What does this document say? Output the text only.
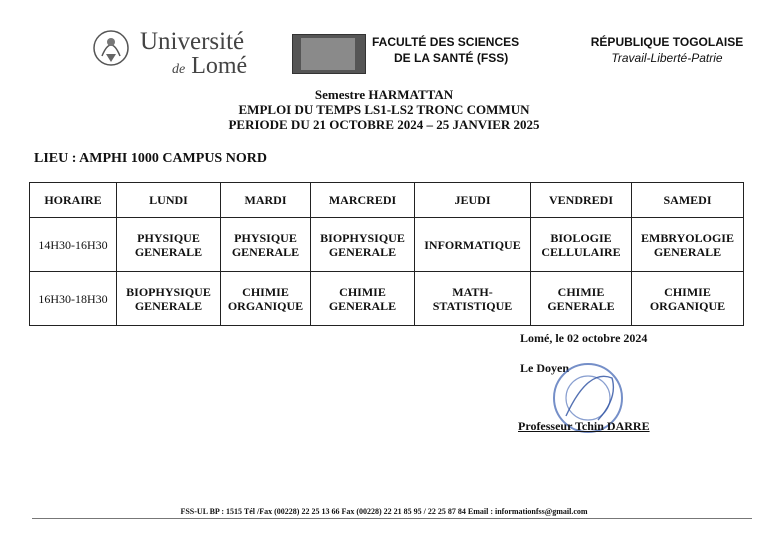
Université
de Lomé
FACULTÉ DES SCIENCES
DE LA SANTÉ (FSS)
RÉPUBLIQUE TOGOLAISE
Travail-Liberté-Patrie
Semestre HARMATTAN
EMPLOI DU TEMPS LS1-LS2 TRONC COMMUN
PERIODE DU 21 OCTOBRE 2024 – 25 JANVIER 2025
LIEU : AMPHI 1000 CAMPUS NORD
HORAIRE	LUNDI	MARDI	MARCREDI	JEUDI	VENDREDI	SAMEDI
14H30-16H30	PHYSIQUE GENERALE	PHYSIQUE GENERALE	BIOPHYSIQUE GENERALE	INFORMATIQUE	BIOLOGIE CELLULAIRE	EMBRYOLOGIE GENERALE
16H30-18H30	BIOPHYSIQUE GENERALE	CHIMIE ORGANIQUE	CHIMIE GENERALE	MATH-STATISTIQUE	CHIMIE GENERALE	CHIMIE ORGANIQUE
Lomé, le 02 octobre 2024
Le Doyen
Professeur Tchin DARRE
FSS-UL BP : 1515 Tél /Fax (00228) 22 25 13 66 Fax (00228) 22 21 85 95 / 22 25 87 84 Email : informationfss@gmail.com
